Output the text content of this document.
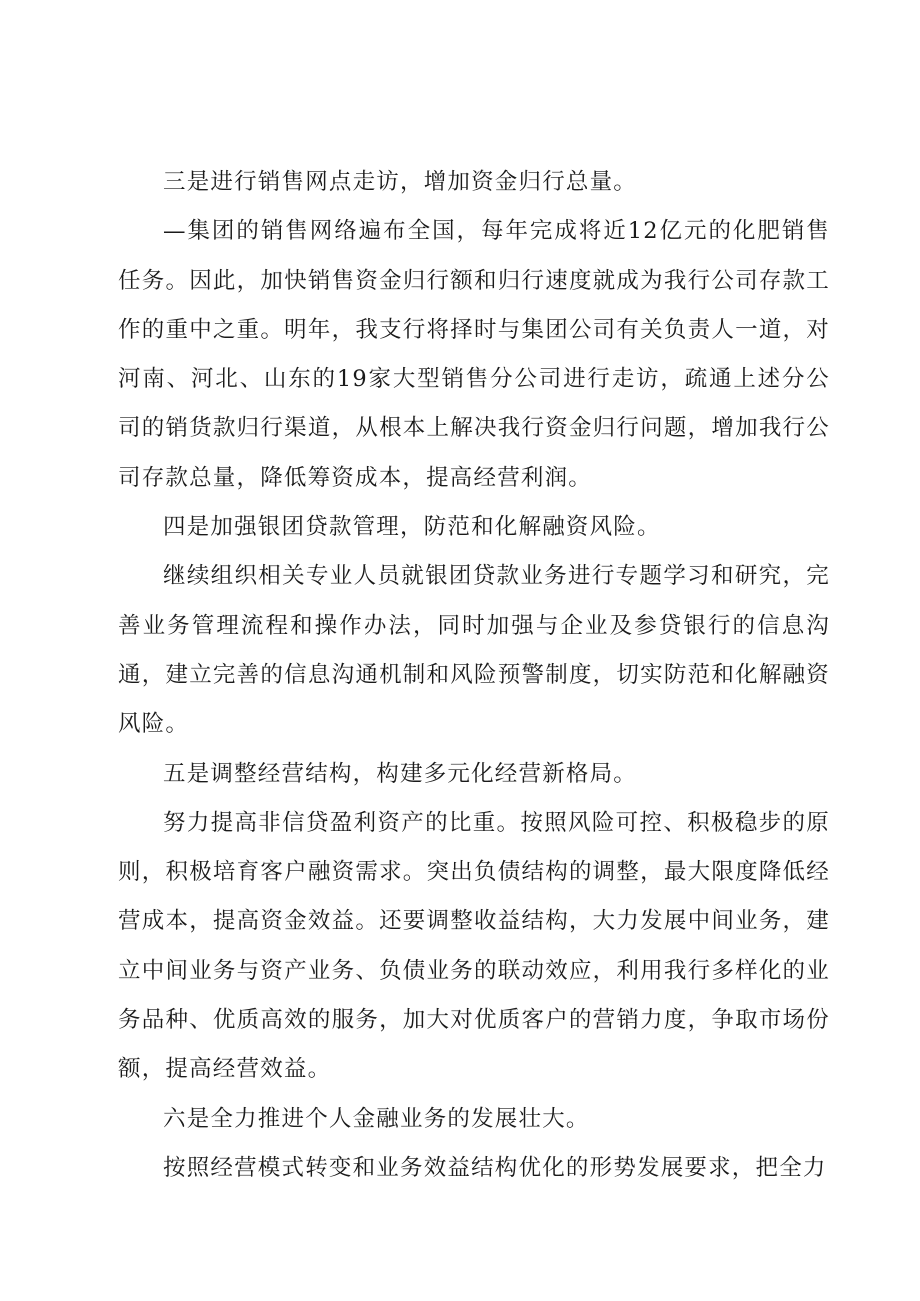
三是进行销售网点走访，增加资金归行总量。

—集团的销售网络遍布全国，每年完成将近12亿元的化肥销售任务。因此，加快销售资金归行额和归行速度就成为我行公司存款工作的重中之重。明年，我支行将择时与集团公司有关负责人一道，对河南、河北、山东的19家大型销售分公司进行走访，疏通上述分公司的销货款归行渠道，从根本上解决我行资金归行问题，增加我行公司存款总量，降低筹资成本，提高经营利润。

四是加强银团贷款管理，防范和化解融资风险。

继续组织相关专业人员就银团贷款业务进行专题学习和研究，完善业务管理流程和操作办法，同时加强与企业及参贷银行的信息沟通，建立完善的信息沟通机制和风险预警制度，切实防范和化解融资风险。

五是调整经营结构，构建多元化经营新格局。

努力提高非信贷盈利资产的比重。按照风险可控、积极稳步的原则，积极培育客户融资需求。突出负债结构的调整，最大限度降低经营成本，提高资金效益。还要调整收益结构，大力发展中间业务，建立中间业务与资产业务、负债业务的联动效应，利用我行多样化的业务品种、优质高效的服务，加大对优质客户的营销力度，争取市场份额，提高经营效益。

六是全力推进个人金融业务的发展壮大。

按照经营模式转变和业务效益结构优化的形势发展要求，把全力
